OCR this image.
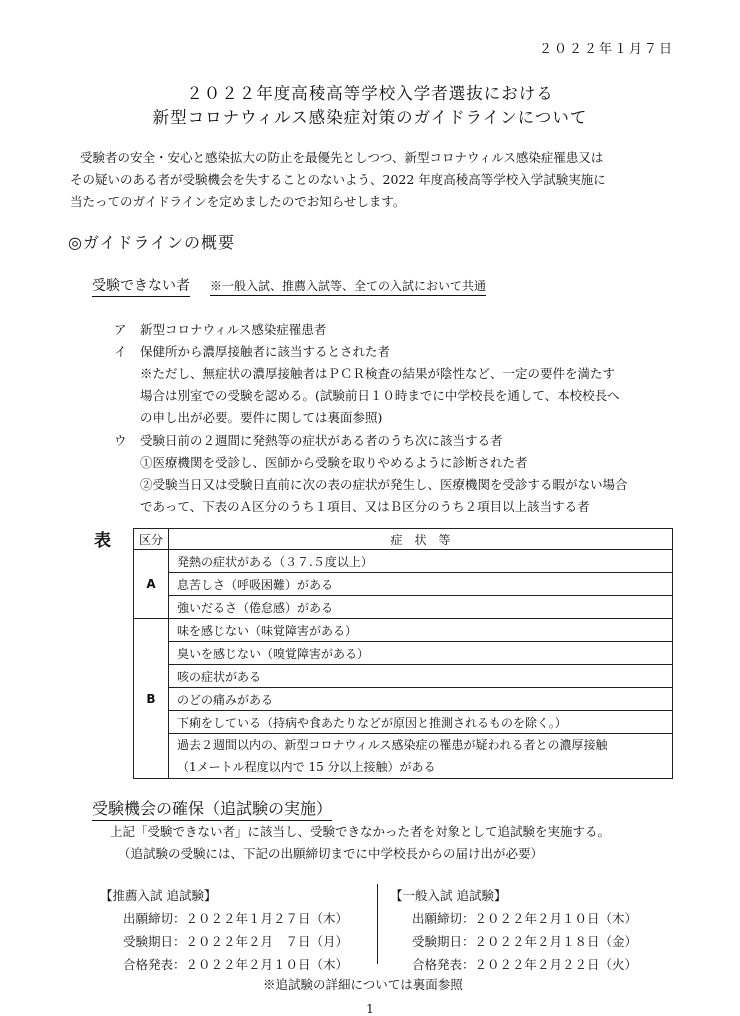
２０２２年１月７日
２０２２年度高稜高等学校入学者選抜における
新型コロナウィルス感染症対策のガイドラインについて
受験者の安全・安心と感染拡大の防止を最優先としつつ、新型コロナウィルス感染症罹患又は
その疑いのある者が受験機会を失することのないよう、2022 年度高稜高等学校入学試験実施に
当たってのガイドラインを定めましたのでお知らせします。
◎ガイドラインの概要
受験できない者 ※一般入試、推薦入試等、全ての入試において共通
ア 新型コロナウィルス感染症罹患者
イ 保健所から濃厚接触者に該当するとされた者
※ただし、無症状の濃厚接触者はＰＣＲ検査の結果が陰性など、一定の要件を満たす
場合は別室での受験を認める。(試験前日１０時までに中学校長を通して、本校校長へ
の申し出が必要。要件に関しては裏面参照)
ウ 受験日前の２週間に発熱等の症状がある者のうち次に該当する者
①医療機関を受診し、医師から受験を取りやめるように診断された者
②受験当日又は受験日直前に次の表の症状が発生し、医療機関を受診する暇がない場合
であって、下表のＡ区分のうち１項目、又はＢ区分のうち２項目以上該当する者
表 区分	症　状　等
A	発熱の症状がある（３７.５度以上）
	息苦しさ（呼吸困難）がある
	強いだるさ（倦怠感）がある
B	味を感じない（味覚障害がある）
	臭いを感じない（嗅覚障害がある）
	咳の症状がある
	のどの痛みがある
	下痢をしている（持病や食あたりなどが原因と推測されるものを除く。）

	過去２週間以内の、新型コロナウィルス感染症の罹患が疑われる者との濃厚接触
（1メートル程度以内で 15 分以上接触）がある
受験機会の確保（追試験の実施）
上記「受験できない者」に該当し、受験できなかった者を対象として追試験を実施する。
（追試験の受験には、下記の出願締切までに中学校長からの届け出が必要）
【推薦入試 追試験】
出願締切：２０２２年１月２７日（木）
受験期日：２０２２年２月　７日（月）
合格発表：２０２２年２月１０日（木）
【一般入試 追試験】
出願締切：２０２２年２月１０日（木）
受験期日：２０２２年２月１８日（金）
合格発表：２０２２年２月２２日（火）
※追試験の詳細については裏面参照
1
